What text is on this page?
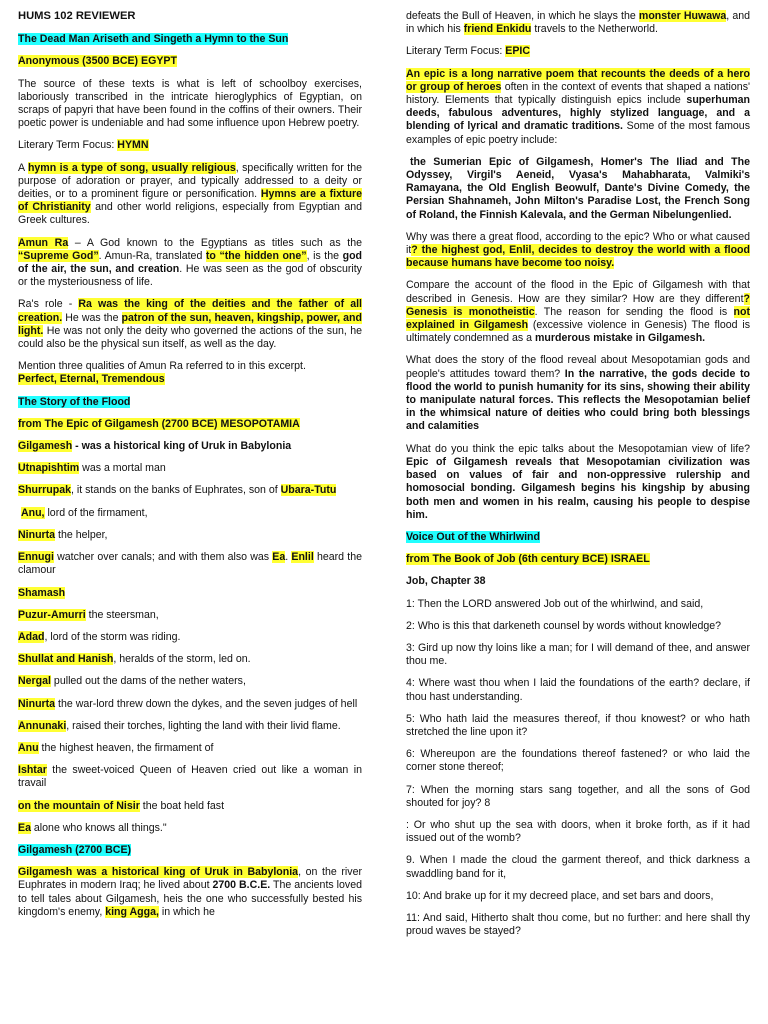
HUMS 102 REVIEWER

The Dead Man Ariseth and Singeth a Hymn to the Sun

Anonymous (3500 BCE) EGYPT

The source of these texts is what is left of schoolboy exercises, laboriously transcribed in the intricate hieroglyphics of Egyptian, on scraps of papyri that have been found in the coffins of their owners. Their poetic power is undeniable and had some influence upon Hebrew poetry.

Literary Term Focus: HYMN

A hymn is a type of song, usually religious, specifically written for the purpose of adoration or prayer, and typically addressed to a deity or deities, or to a prominent figure or personification. Hymns are a fixture of Christianity and other world religions, especially from Egyptian and Greek cultures.

Amun Ra – A God known to the Egyptians as titles such as the “Supreme God”. Amun-Ra, translated to “the hidden one”, is the god of the air, the sun, and creation. He was seen as the god of obscurity or the mysteriousness of life.

Ra's role - Ra was the king of the deities and the father of all creation. He was the patron of the sun, heaven, kingship, power, and light. He was not only the deity who governed the actions of the sun, he could also be the physical sun itself, as well as the day.

Mention three qualities of Amun Ra referred to in this excerpt.
Perfect, Eternal, Tremendous

The Story of the Flood

from The Epic of Gilgamesh (2700 BCE) MESOPOTAMIA

Gilgamesh - was a historical king of Uruk in Babylonia

Utnapishtim was a mortal man

Shurrupak, it stands on the banks of Euphrates, son of Ubara-Tutu

Anu, lord of the firmament,

Ninurta the helper,

Ennugi watcher over canals; and with them also was Ea. Enlil heard the clamour

Shamash

Puzur-Amurri the steersman,

Adad, lord of the storm was riding.

Shullat and Hanish, heralds of the storm, led on.

Nergal pulled out the dams of the nether waters,

Ninurta the war-lord threw down the dykes, and the seven judges of hell

Annunaki, raised their torches, lighting the land with their livid flame.

Anu the highest heaven, the firmament of

Ishtar the sweet-voiced Queen of Heaven cried out like a woman in travail

on the mountain of Nisir the boat held fast

Ea alone who knows all things."

Gilgamesh (2700 BCE)

Gilgamesh was a historical king of Uruk in Babylonia, on the river Euphrates in modern Iraq; he lived about 2700 B.C.E. The ancients loved to tell tales about Gilgamesh, heis the one who successfully bested his kingdom's enemy, king Agga, in which he

defeats the Bull of Heaven, in which he slays the monster Huwawa, and in which his friend Enkidu travels to the Netherworld.

Literary Term Focus: EPIC

An epic is a long narrative poem that recounts the deeds of a hero or group of heroes often in the context of events that shaped a nations' history. Elements that typically distinguish epics include superhuman deeds, fabulous adventures, highly stylized language, and a blending of lyrical and dramatic traditions. Some of the most famous examples of epic poetry include:

the Sumerian Epic of Gilgamesh, Homer's The Iliad and The Odyssey, Virgil's Aeneid, Vyasa's Mahabharata, Valmiki's Ramayana, the Old English Beowulf, Dante's Divine Comedy, the Persian Shahnameh, John Milton's Paradise Lost, the French Song of Roland, the Finnish Kalevala, and the German Nibelungenlied.

Why was there a great flood, according to the epic? Who or what caused it? the highest god, Enlil, decides to destroy the world with a flood because humans have become too noisy.

Compare the account of the flood in the Epic of Gilgamesh with that described in Genesis. How are they similar? How are they different? Genesis is monotheistic. The reason for sending the flood is not explained in Gilgamesh (excessive violence in Genesis) The flood is ultimately condemned as a murderous mistake in Gilgamesh.

What does the story of the flood reveal about Mesopotamian gods and people's attitudes toward them? In the narrative, the gods decide to flood the world to punish humanity for its sins, showing their ability to manipulate natural forces. This reflects the Mesopotamian belief in the whimsical nature of deities who could bring both blessings and calamities

What do you think the epic talks about the Mesopotamian view of life? Epic of Gilgamesh reveals that Mesopotamian civilization was based on values of fair and non-oppressive rulership and homosocial bonding. Gilgamesh begins his kingship by abusing both men and women in his realm, causing his people to despise him.

Voice Out of the Whirlwind

from The Book of Job (6th century BCE) ISRAEL

Job, Chapter 38

1: Then the LORD answered Job out of the whirlwind, and said,

2: Who is this that darkeneth counsel by words without knowledge?

3: Gird up now thy loins like a man; for I will demand of thee, and answer thou me.

4: Where wast thou when I laid the foundations of the earth? declare, if thou hast understanding.

5: Who hath laid the measures thereof, if thou knowest? or who hath stretched the line upon it?

6: Whereupon are the foundations thereof fastened? or who laid the corner stone thereof;

7: When the morning stars sang together, and all the sons of God shouted for joy? 8

: Or who shut up the sea with doors, when it broke forth, as if it had issued out of the womb?

9. When I made the cloud the garment thereof, and thick darkness a swaddling band for it,

10: And brake up for it my decreed place, and set bars and doors,

11: And said, Hitherto shalt thou come, but no further: and here shall thy proud waves be stayed?
